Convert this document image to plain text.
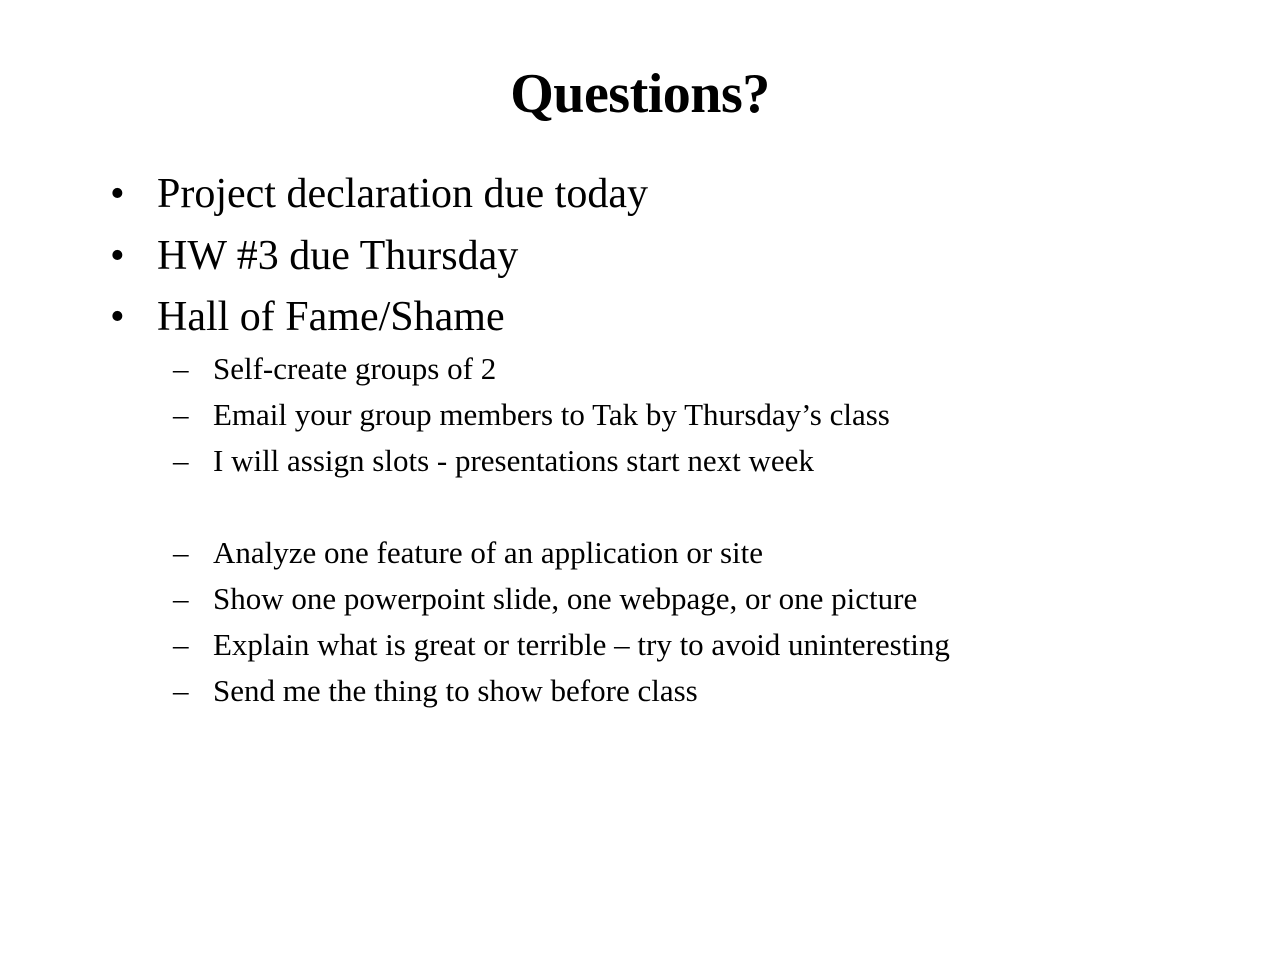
Questions?
• Project declaration due today
• HW #3 due Thursday
• Hall of Fame/Shame
– Self-create groups of 2
– Email your group members to Tak by Thursday’s class
– I will assign slots - presentations start next week
– Analyze one feature of an application or site
– Show one powerpoint slide, one webpage, or one picture
– Explain what is great or terrible – try to avoid uninteresting
– Send me the thing to show before class
